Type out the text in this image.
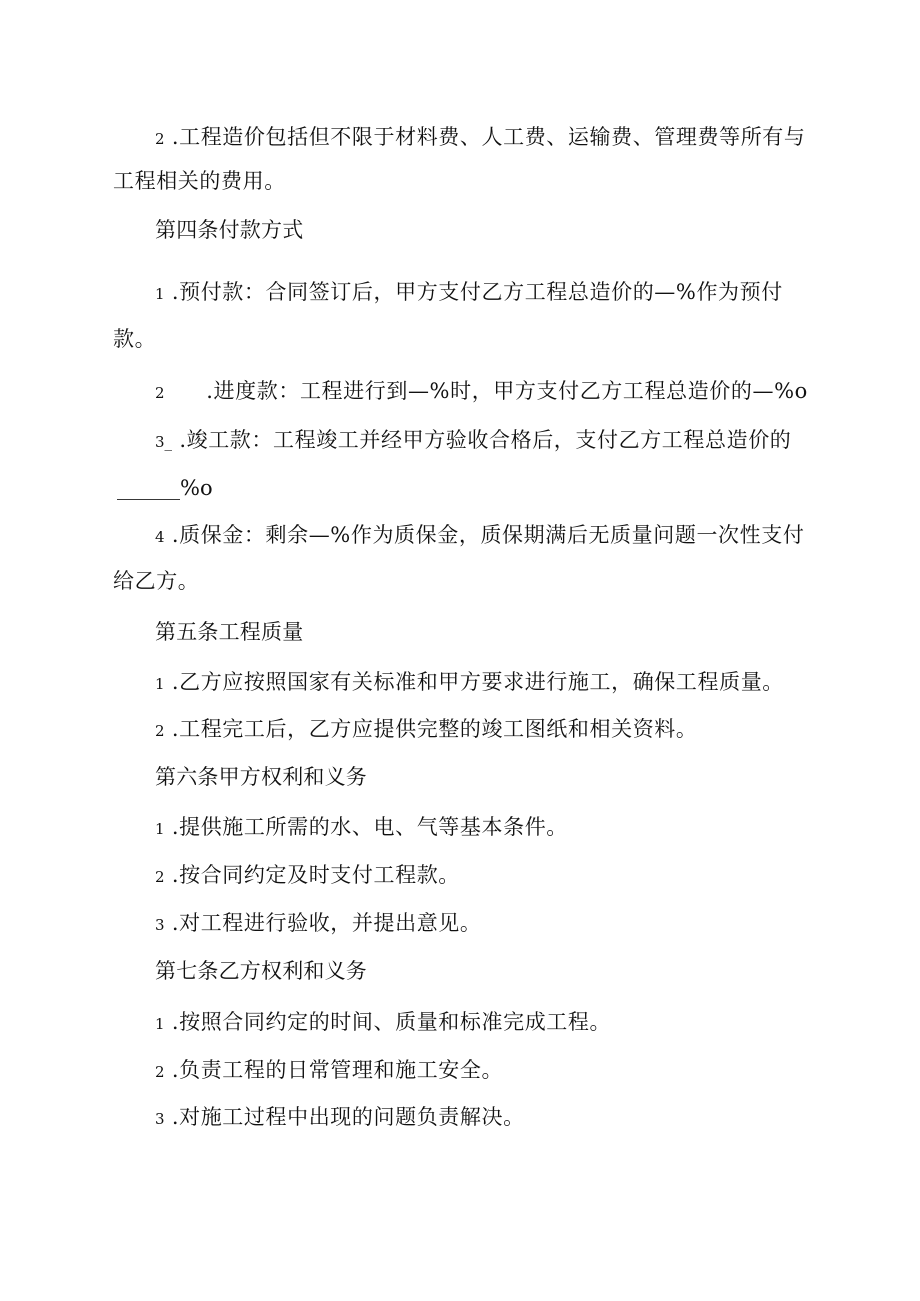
2 .工程造价包括但不限于材料费、人工费、运输费、管理费等所有与
工程相关的费用。
第四条付款方式
1 .预付款：合同签订后，甲方支付乙方工程总造价的—%作为预付
款。
2 .进度款：工程进行到—%时，甲方支付乙方工程总造价的—%o
3_ .竣工款：工程竣工并经甲方验收合格后，支付乙方工程总造价的
______%o
4 .质保金：剩余—%作为质保金，质保期满后无质量问题一次性支付
给乙方。
第五条工程质量
1 .乙方应按照国家有关标准和甲方要求进行施工，确保工程质量。
2 .工程完工后，乙方应提供完整的竣工图纸和相关资料。
第六条甲方权利和义务
1 .提供施工所需的水、电、气等基本条件。
2 .按合同约定及时支付工程款。
3 .对工程进行验收，并提出意见。
第七条乙方权利和义务
1 .按照合同约定的时间、质量和标准完成工程。
2 .负责工程的日常管理和施工安全。
3 .对施工过程中出现的问题负责解决。
